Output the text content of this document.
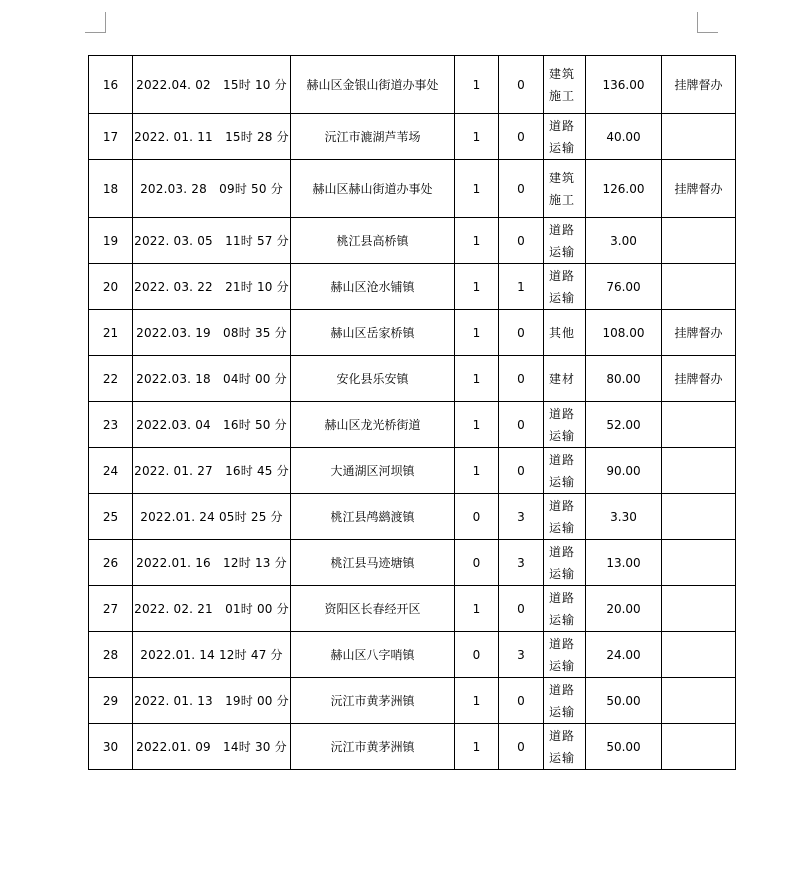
16	2022.04. 02　15时 10 分	赫山区金银山街道办事处	1	0	建筑施工	136.00	挂牌督办
17	2022. 01. 11　15时 28 分	沅江市漉湖芦苇场	1	0	道路运输	40.00	
18	202.03. 28　09时 50 分	赫山区赫山街道办事处	1	0	建筑施工	126.00	挂牌督办
19	2022. 03. 05　11时 57 分	桃江县高桥镇	1	0	道路运输	3.00	
20	2022. 03. 22　21时 10 分	赫山区沧水铺镇	1	1	道路运输	76.00	
21	2022.03. 19　08时 35 分	赫山区岳家桥镇	1	0	其他	108.00	挂牌督办
22	2022.03. 18　04时 00 分	安化县乐安镇	1	0	建材	80.00	挂牌督办
23	2022.03. 04　16时 50 分	赫山区龙光桥街道	1	0	道路运输	52.00	
24	2022. 01. 27　16时 45 分	大通湖区河坝镇	1	0	道路运输	90.00	
25	2022.01. 24 05时 25 分	桃江县鸬鹚渡镇	0	3	道路运输	3.30	
26	2022.01. 16　12时 13 分	桃江县马迹塘镇	0	3	道路运输	13.00	
27	2022. 02. 21　01时 00 分	资阳区长春经开区	1	0	道路运输	20.00	
28	2022.01. 14 12时 47 分	赫山区八字哨镇	0	3	道路运输	24.00	
29	2022. 01. 13　19时 00 分	沅江市黄茅洲镇	1	0	道路运输	50.00	
30	2022.01. 09　14时 30 分	沅江市黄茅洲镇	1	0	道路运输	50.00	
